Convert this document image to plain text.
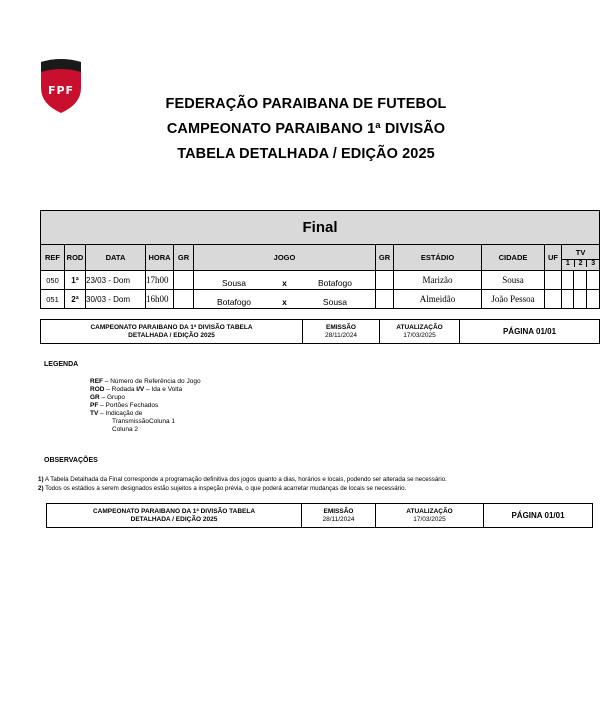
FPF
FEDERAÇÃO PARAIBANA DE FUTEBOL
CAMPEONATO PARAIBANO 1ª DIVISÃO
TABELA DETALHADA / EDIÇÃO 2025
Final												
REF	ROD	DATA	HORA	GR	JOGO	GR	ESTÁDIO	CIDADE	UF	TV
1 2 3		

050	1ª	23/03 - Dom	17h00		Sousa x Botafogo		Marizão	Sousa				
051	2ª	30/03 - Dom	16h00		Botafogo x Sousa		Almeidão	João Pessoa				
CAMPEONATO PARAIBANO DA 1ª DIVISÃO TABELA
DETALHADA / EDIÇÃO 2025

EMISSÃO
28/11/2024

ATUALIZAÇÃO
17/03/2025	PÁGINA 01/01
LEGENDA
REF – Número de Referência do Jogo
ROD – Rodada I/V – Ida e Volta
GR – Grupo
PF – Portões Fechados
TV – Indicação de
TransmissãoColuna 1
Coluna 2
OBSERVAÇÕES
1) A Tabela Detalhada da Final corresponde a programação definitiva dos jogos quanto a dias, horários e locais, podendo ser alterada se necessário.
2) Todos os estádios a serem designados estão sujeitos a inspeção prévia, o que poderá acarretar mudanças de locais se necessário.
CAMPEONATO PARAIBANO DA 1ª DIVISÃO TABELA
DETALHADA / EDIÇÃO 2025

EMISSÃO
28/11/2024

ATUALIZAÇÃO
17/03/2025	PÁGINA 01/01
